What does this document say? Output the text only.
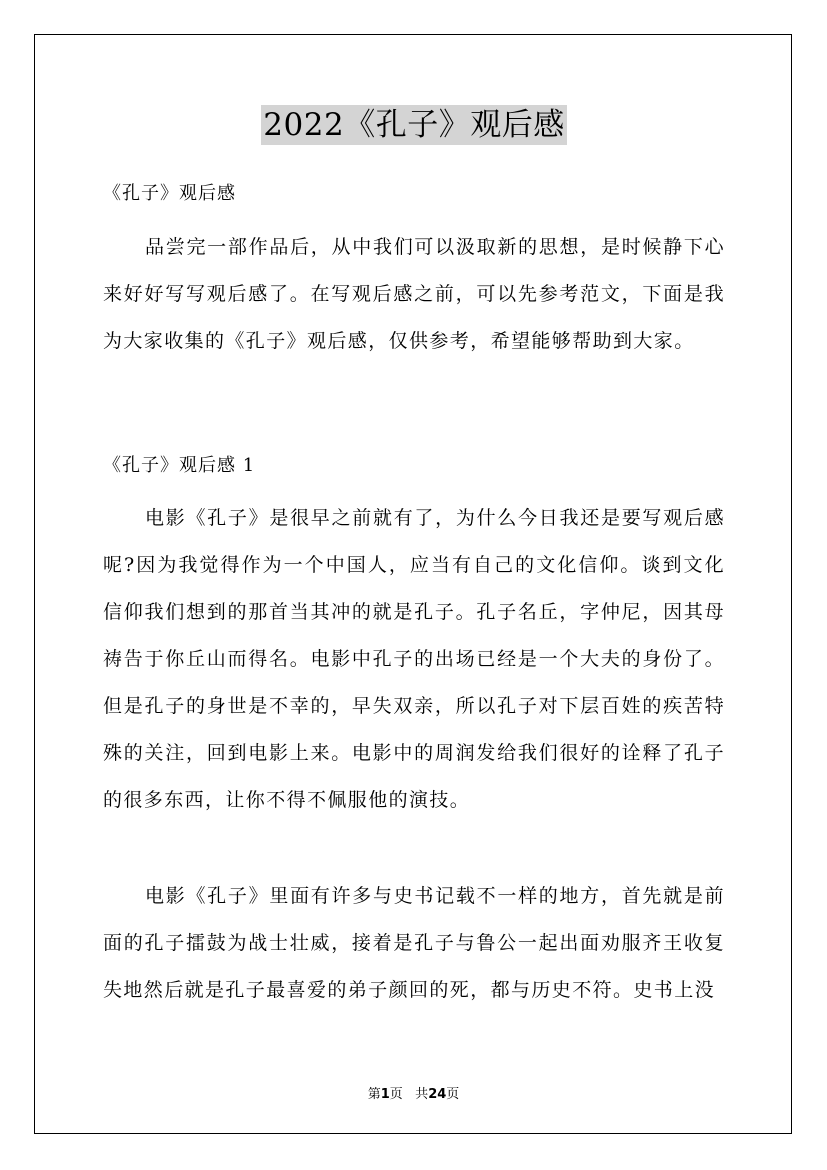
2022《孔子》观后感
《孔子》观后感
品尝完一部作品后，从中我们可以汲取新的思想，是时候静下心来好好写写观后感了。在写观后感之前，可以先参考范文，下面是我为大家收集的《孔子》观后感，仅供参考，希望能够帮助到大家。
《孔子》观后感 1
电影《孔子》是很早之前就有了，为什么今日我还是要写观后感呢?因为我觉得作为一个中国人，应当有自己的文化信仰。谈到文化信仰我们想到的那首当其冲的就是孔子。孔子名丘，字仲尼，因其母祷告于你丘山而得名。电影中孔子的出场已经是一个大夫的身份了。但是孔子的身世是不幸的，早失双亲，所以孔子对下层百姓的疾苦特殊的关注，回到电影上来。电影中的周润发给我们很好的诠释了孔子的很多东西，让你不得不佩服他的演技。
电影《孔子》里面有许多与史书记载不一样的地方，首先就是前面的孔子擂鼓为战士壮威，接着是孔子与鲁公一起出面劝服齐王收复失地然后就是孔子最喜爱的弟子颜回的死，都与历史不符。史书上没
第1页 共24页
